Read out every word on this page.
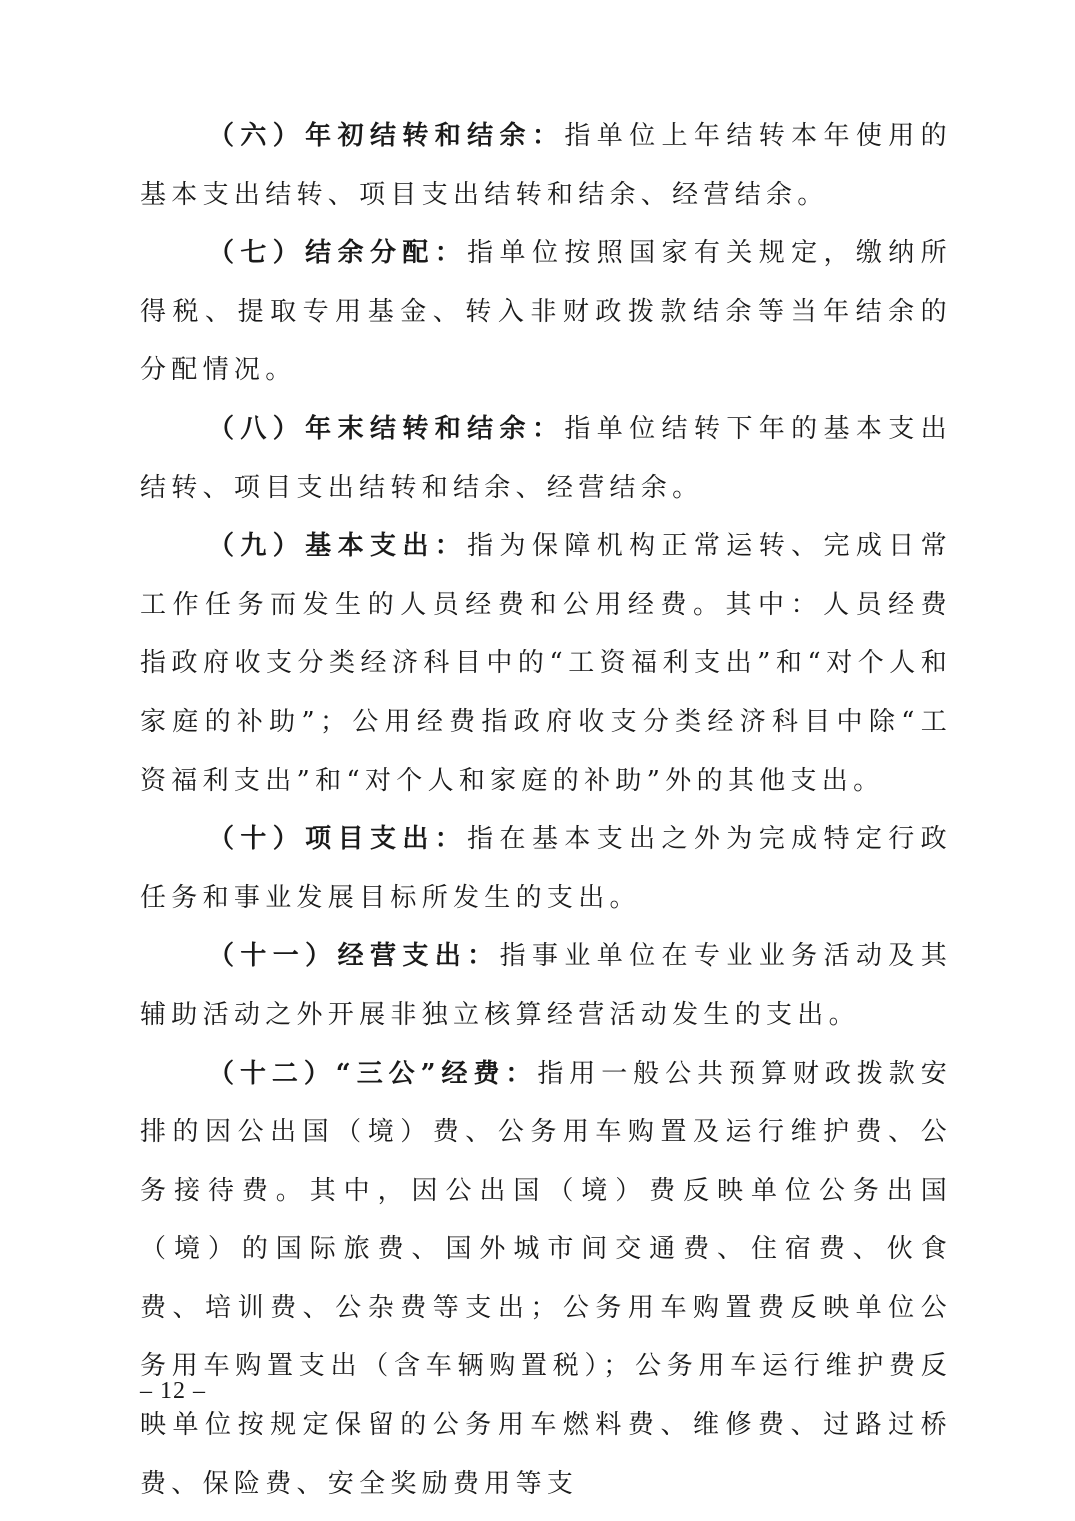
（六）年初结转和结余：指单位上年结转本年使用的基本支出结转、项目支出结转和结余、经营结余。

（七）结余分配：指单位按照国家有关规定，缴纳所得税、提取专用基金、转入非财政拨款结余等当年结余的分配情况。

（八）年末结转和结余：指单位结转下年的基本支出结转、项目支出结转和结余、经营结余。

（九）基本支出：指为保障机构正常运转、完成日常工作任务而发生的人员经费和公用经费。其中：人员经费指政府收支分类经济科目中的“工资福利支出”和“对个人和家庭的补助”；公用经费指政府收支分类经济科目中除“工资福利支出”和“对个人和家庭的补助”外的其他支出。

（十）项目支出：指在基本支出之外为完成特定行政任务和事业发展目标所发生的支出。

（十一）经营支出：指事业单位在专业业务活动及其辅助活动之外开展非独立核算经营活动发生的支出。

（十二）“三公”经费：指用一般公共预算财政拨款安排的因公出国（境）费、公务用车购置及运行维护费、公务接待费。其中，因公出国（境）费反映单位公务出国（境）的国际旅费、国外城市间交通费、住宿费、伙食费、培训费、公杂费等支出；公务用车购置费反映单位公务用车购置支出（含车辆购置税）；公务用车运行维护费反映单位按规定保留的公务用车燃料费、维修费、过路过桥费、保险费、安全奖励费用等支

– 12 –
